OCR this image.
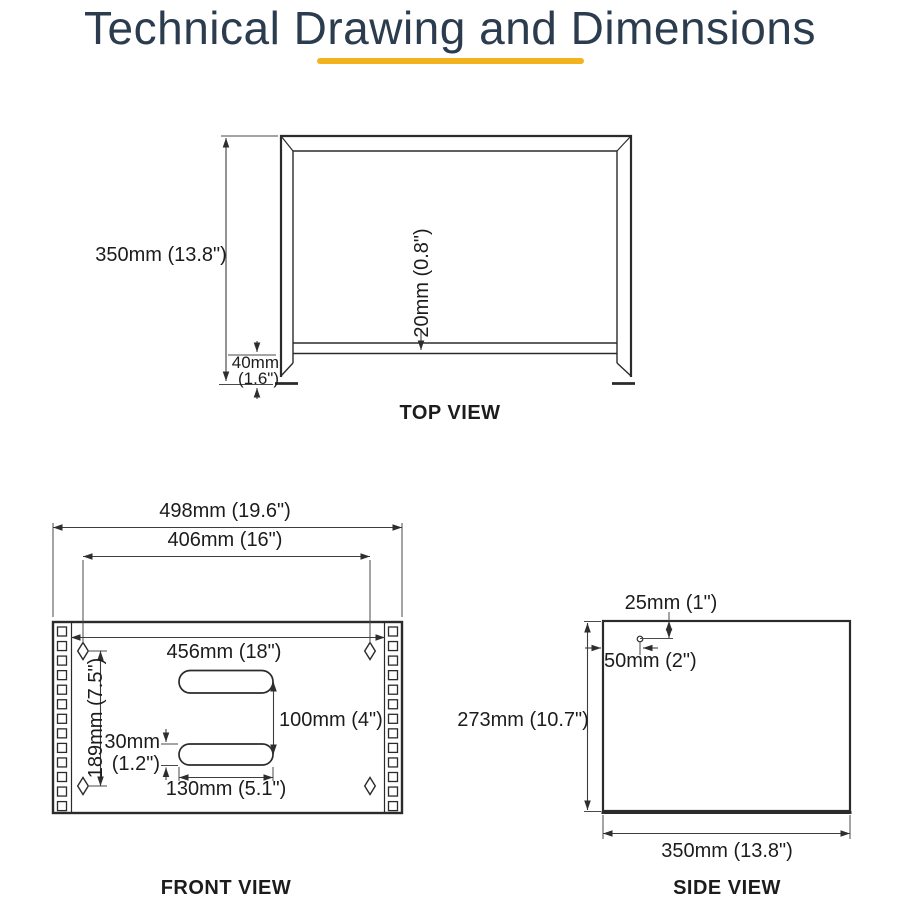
Technical Drawing and Dimensions
350mm (13.8")	20mm (0.8")
40mm
(1.6")
TOP VIEW
498mm (19.6")
406mm (16")
456mm (18")
189mm (7.5")	100mm (4")
30mm
(1.2")
130mm (5.1")
FRONT VIEW
25mm (1")
50mm (2")
273mm (10.7")
350mm (13.8")
SIDE VIEW
